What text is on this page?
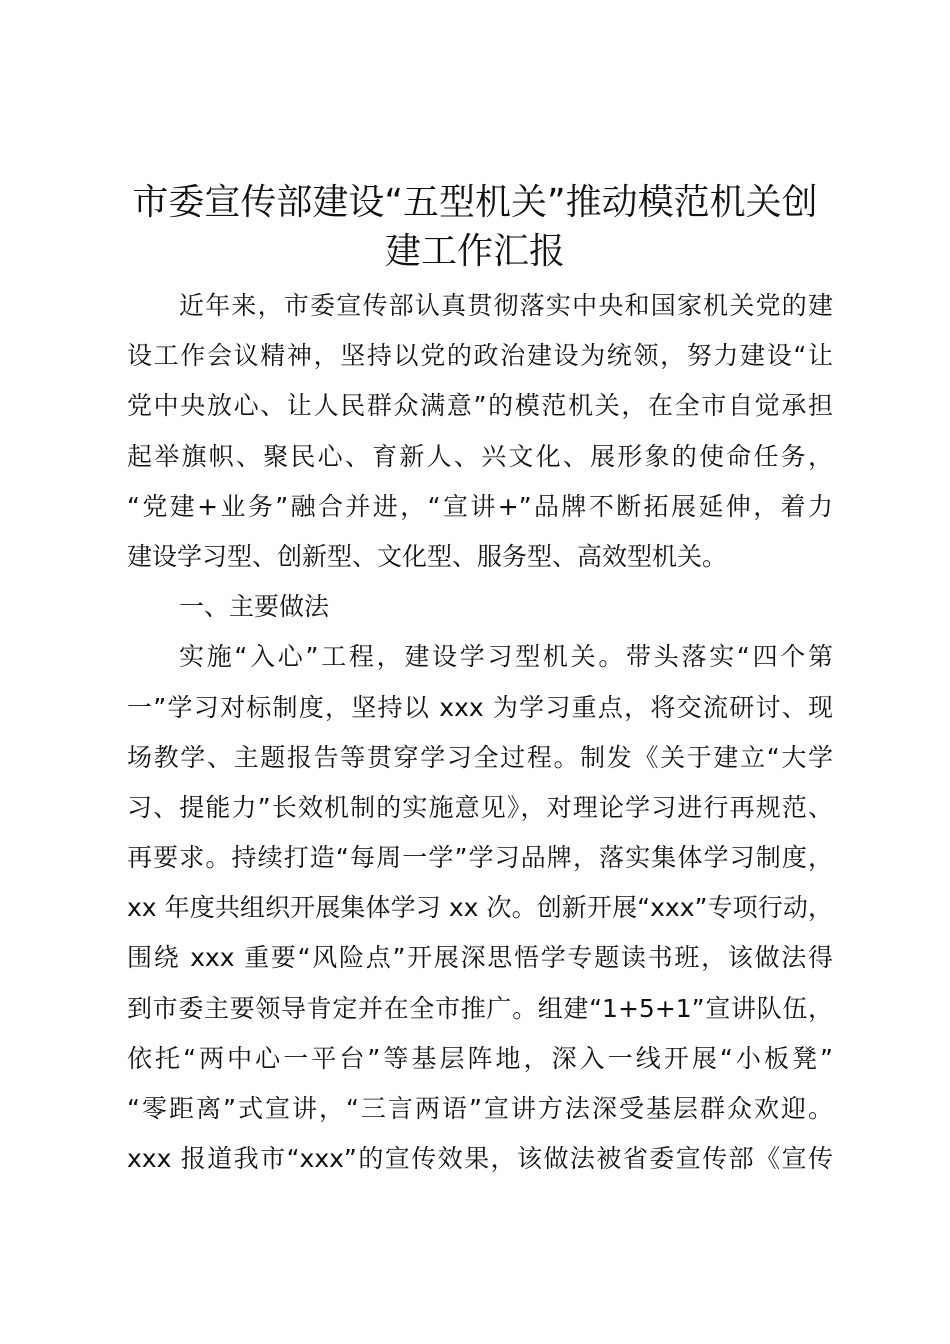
市委宣传部建设“五型机关”推动模范机关创
建工作汇报
近年来，市委宣传部认真贯彻落实中央和国家机关党的建
设工作会议精神，坚持以党的政治建设为统领，努力建设“让
党中央放心、让人民群众满意”的模范机关，在全市自觉承担
起举旗帜、聚民心、育新人、兴文化、展形象的使命任务，
“党建+业务”融合并进，“宣讲+”品牌不断拓展延伸，着力
建设学习型、创新型、文化型、服务型、高效型机关。
一、主要做法
实施“入心”工程，建设学习型机关。带头落实“四个第
一”学习对标制度，坚持以 xxx 为学习重点，将交流研讨、现
场教学、主题报告等贯穿学习全过程。制发《关于建立“大学
习、提能力”长效机制的实施意见》，对理论学习进行再规范、
再要求。持续打造“每周一学”学习品牌，落实集体学习制度，
xx 年度共组织开展集体学习 xx 次。创新开展“xxx”专项行动，
围绕 xxx 重要“风险点”开展深思悟学专题读书班，该做法得
到市委主要领导肯定并在全市推广。组建“1+5+1”宣讲队伍，
依托“两中心一平台”等基层阵地，深入一线开展“小板凳”
“零距离”式宣讲，“三言两语”宣讲方法深受基层群众欢迎。
xxx 报道我市“xxx”的宣传效果，该做法被省委宣传部《宣传
